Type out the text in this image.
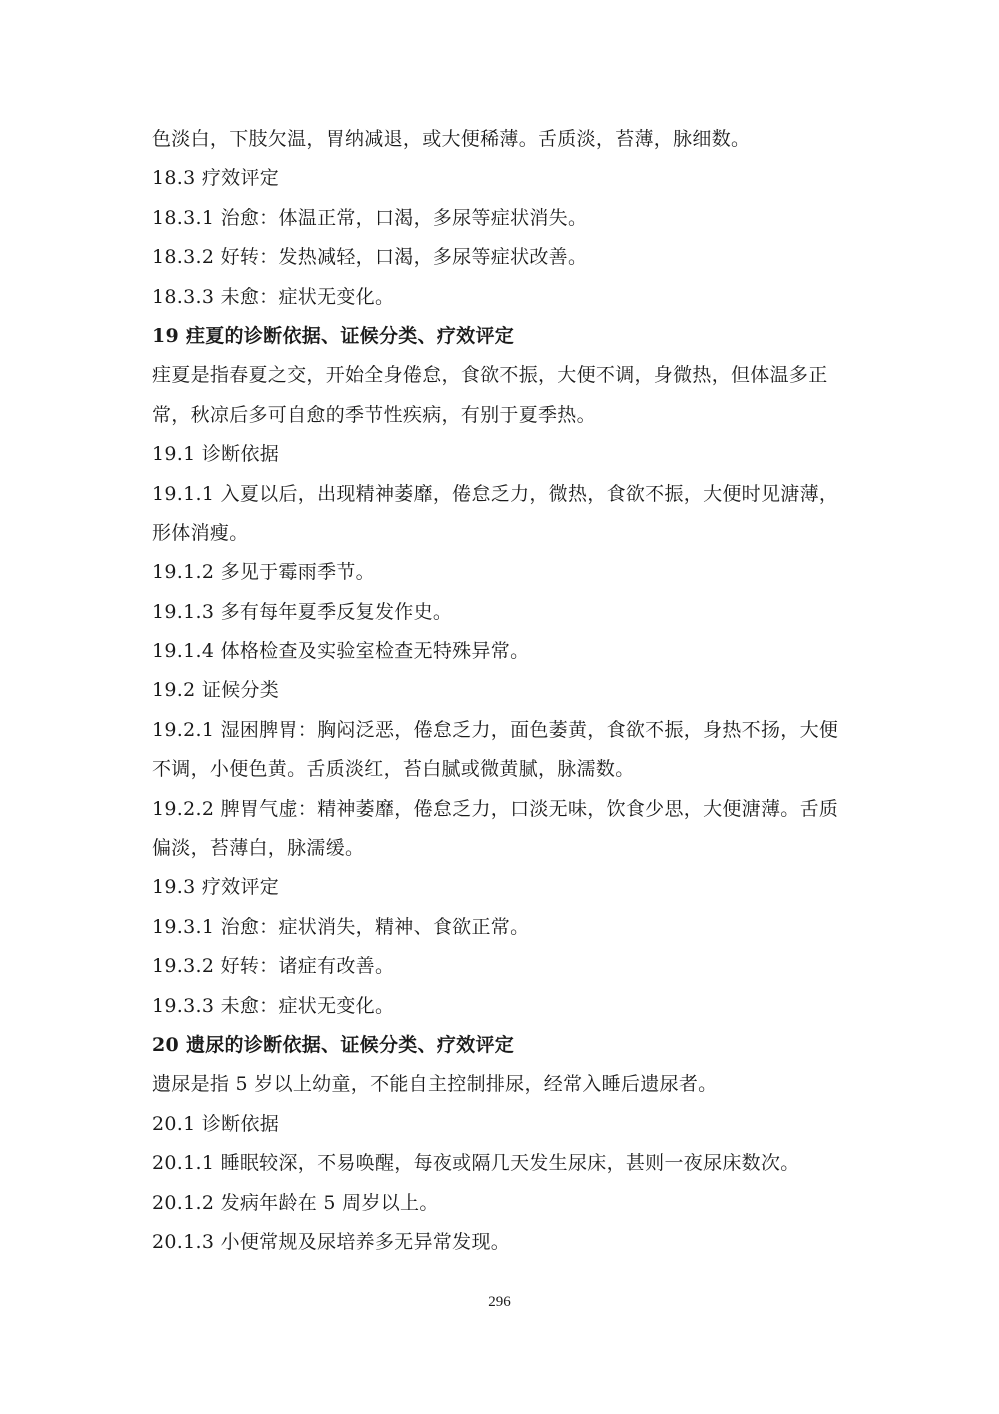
色淡白，下肢欠温，胃纳减退，或大便稀薄。舌质淡，苔薄，脉细数。
18.3 疗效评定
18.3.1 治愈：体温正常，口渴，多尿等症状消失。
18.3.2 好转：发热减轻，口渴，多尿等症状改善。
18.3.3 未愈：症状无变化。
19 疰夏的诊断依据、证候分类、疗效评定
疰夏是指春夏之交，开始全身倦怠，食欲不振，大便不调，身微热，但体温多正
常，秋凉后多可自愈的季节性疾病，有别于夏季热。
19.1 诊断依据
19.1.1 入夏以后，出现精神萎靡，倦怠乏力，微热，食欲不振，大便时见溏薄，
形体消瘦。
19.1.2 多见于霉雨季节。
19.1.3 多有每年夏季反复发作史。
19.1.4 体格检查及实验室检查无特殊异常。
19.2 证候分类
19.2.1 湿困脾胃：胸闷泛恶，倦怠乏力，面色萎黄，食欲不振，身热不扬，大便
不调，小便色黄。舌质淡红，苔白腻或微黄腻，脉濡数。
19.2.2 脾胃气虚：精神萎靡，倦怠乏力，口淡无味，饮食少思，大便溏薄。舌质
偏淡，苔薄白，脉濡缓。
19.3 疗效评定
19.3.1 治愈：症状消失，精神、食欲正常。
19.3.2 好转：诸症有改善。
19.3.3 未愈：症状无变化。
20 遗尿的诊断依据、证候分类、疗效评定
遗尿是指 5 岁以上幼童，不能自主控制排尿，经常入睡后遗尿者。
20.1 诊断依据
20.1.1 睡眠较深，不易唤醒，每夜或隔几天发生尿床，甚则一夜尿床数次。
20.1.2 发病年龄在 5 周岁以上。
20.1.3 小便常规及尿培养多无异常发现。
296
